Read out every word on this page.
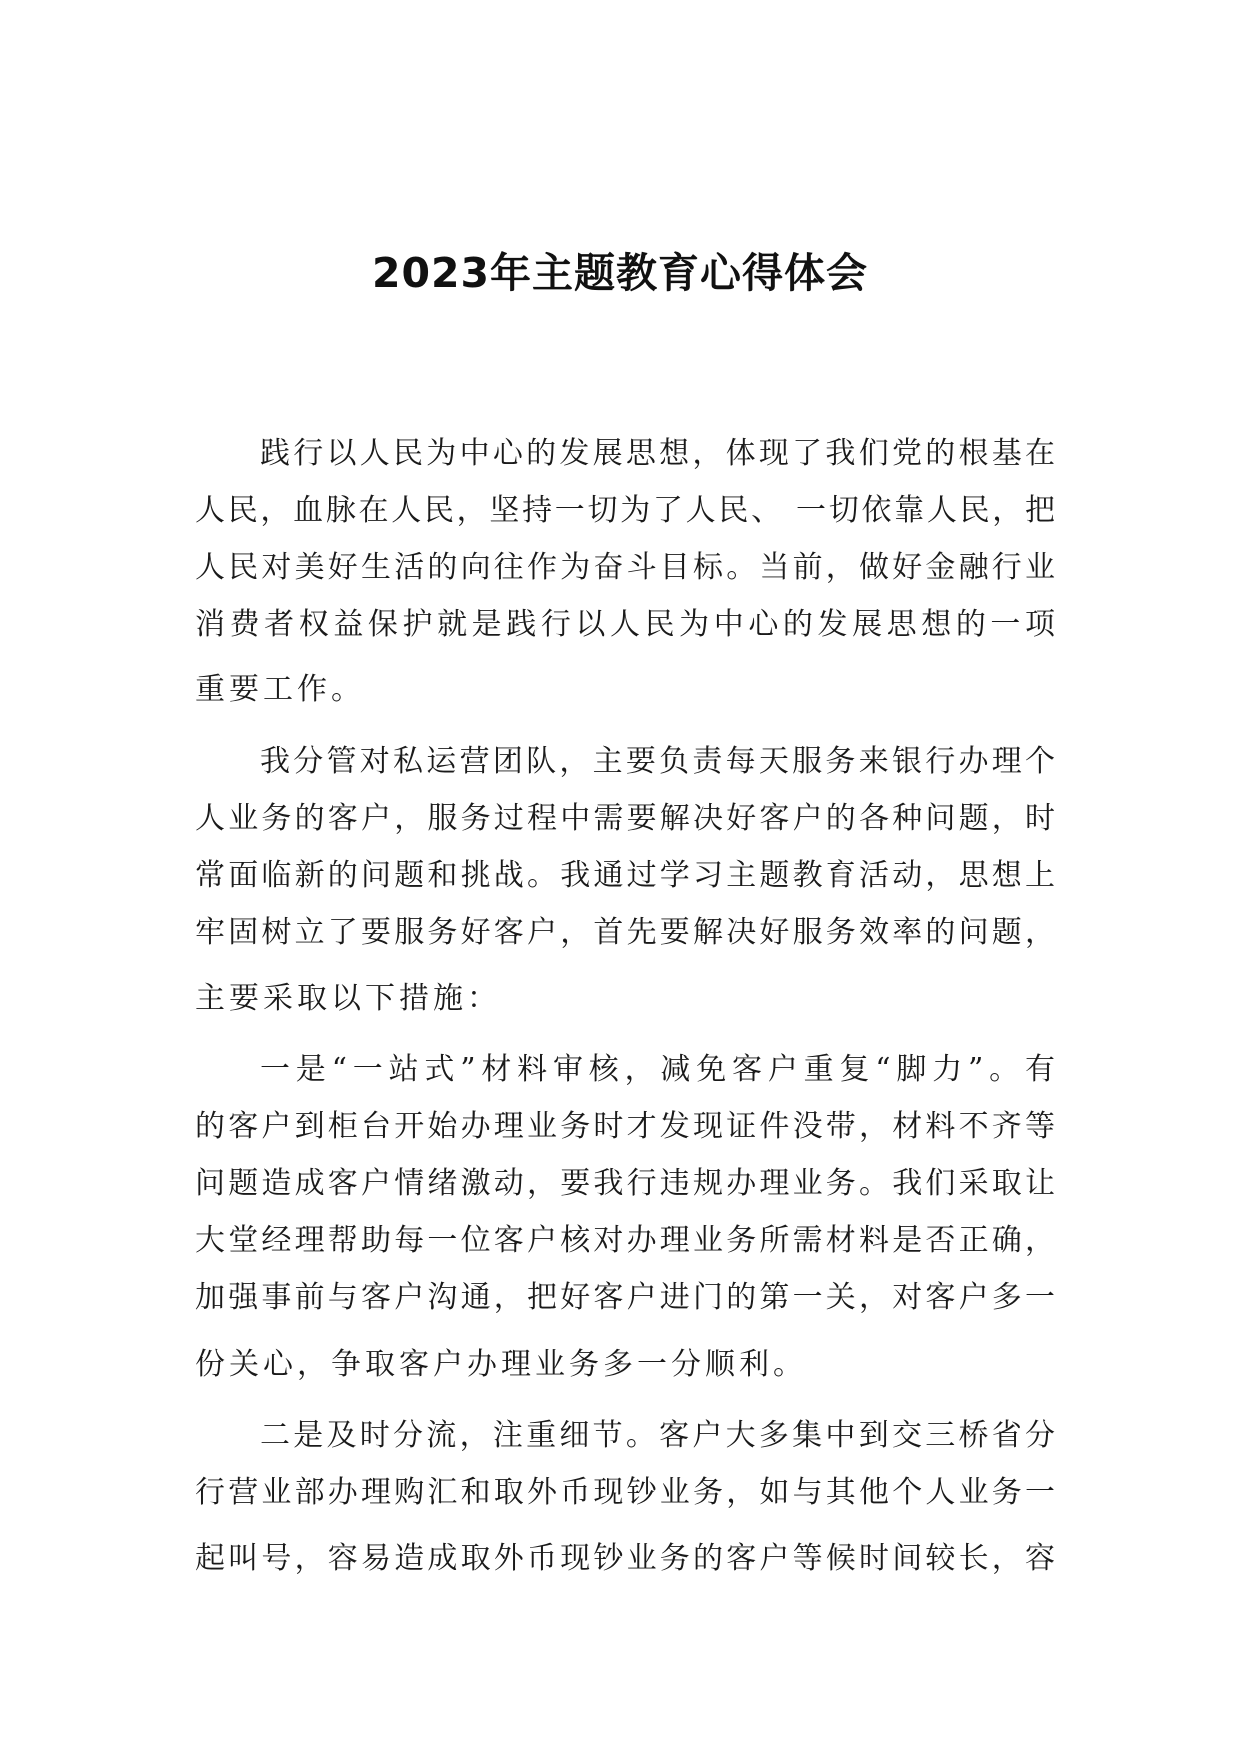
2023年主题教育心得体会
践行以人民为中心的发展思想，体现了我们党的根基在
人民，血脉在人民，坚持一切为了人民、 一切依靠人民，把
人民对美好生活的向往作为奋斗目标。当前，做好金融行业
消费者权益保护就是践行以人民为中心的发展思想的一项
重要工作。
我分管对私运营团队，主要负责每天服务来银行办理个
人业务的客户，服务过程中需要解决好客户的各种问题，时
常面临新的问题和挑战。我通过学习主题教育活动，思想上
牢固树立了要服务好客户，首先要解决好服务效率的问题，
主要采取以下措施：
一是“一站式”材料审核，减免客户重复“脚力”。有
的客户到柜台开始办理业务时才发现证件没带，材料不齐等
问题造成客户情绪激动，要我行违规办理业务。我们采取让
大堂经理帮助每一位客户核对办理业务所需材料是否正确，
加强事前与客户沟通，把好客户进门的第一关，对客户多一
份关心，争取客户办理业务多一分顺利。
二是及时分流，注重细节。客户大多集中到交三桥省分
行营业部办理购汇和取外币现钞业务，如与其他个人业务一
起叫号，容易造成取外币现钞业务的客户等候时间较长，容
